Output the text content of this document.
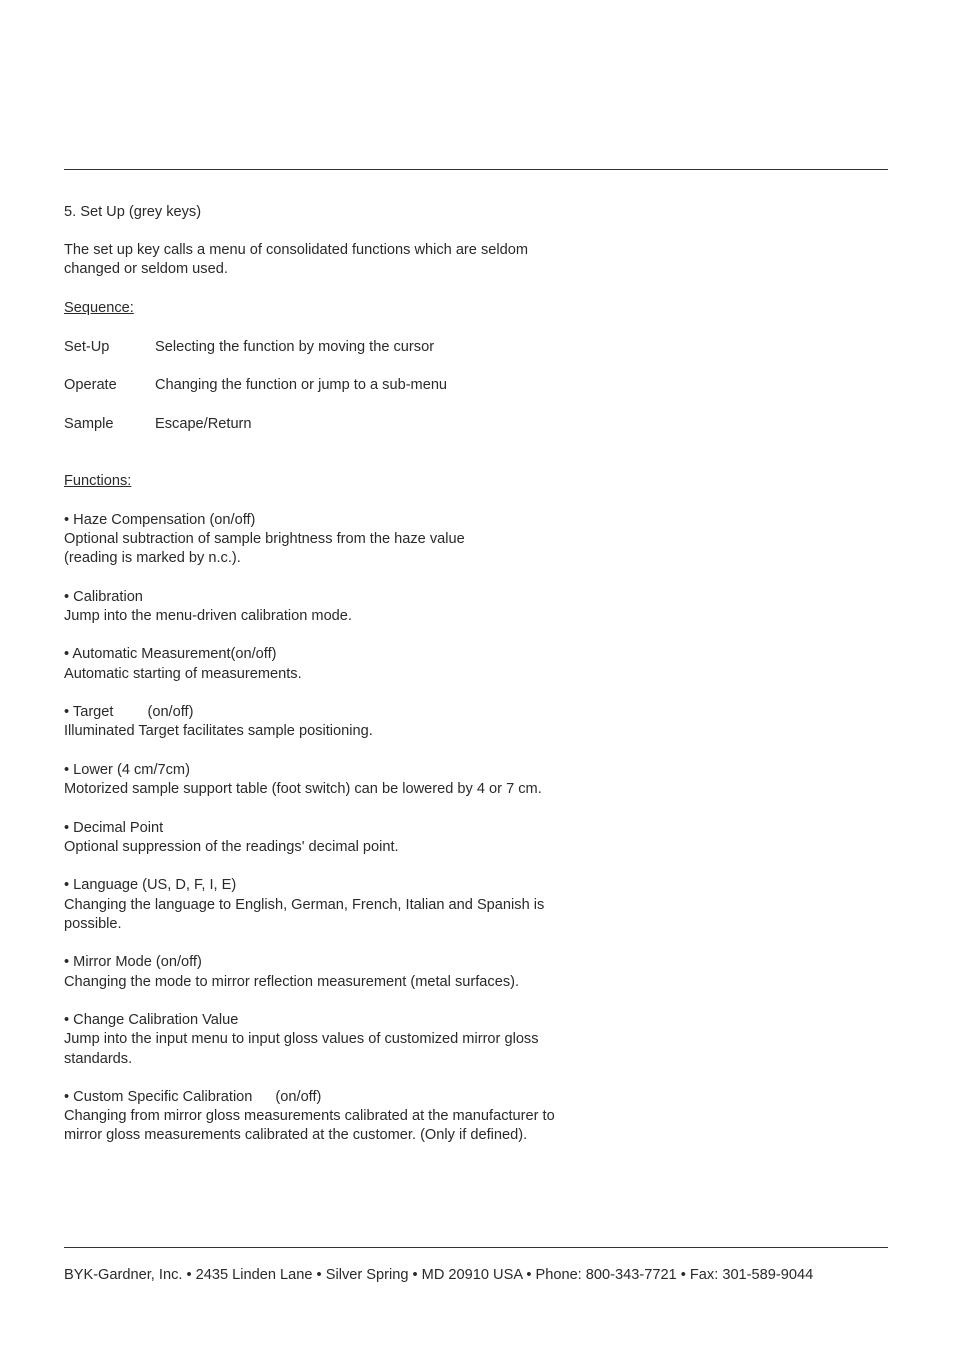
5. Set Up (grey keys)
The set up key calls a menu of consolidated functions which are seldom
changed or seldom used.
Sequence:
Set-Up	Selecting the function by moving the cursor
Operate	Changing the function or jump to a sub-menu
Sample	Escape/Return
Functions:
• Haze Compensation (on/off)
Optional subtraction of sample brightness from the haze value
(reading is marked by n.c.).
• Calibration
Jump into the menu-driven calibration mode.
• Automatic Measurement(on/off)
Automatic starting of measurements.
• Target (on/off)
Illuminated Target facilitates sample positioning.
• Lower (4 cm/7cm)
Motorized sample support table (foot switch) can be lowered by 4 or 7 cm.
• Decimal Point
Optional suppression of the readings' decimal point.
• Language (US, D, F, I, E)
Changing the language to English, German, French, Italian and Spanish is
possible.
• Mirror Mode (on/off)
Changing the mode to mirror reflection measurement (metal surfaces).
• Change Calibration Value
Jump into the input menu to input gloss values of customized mirror gloss
standards.
• Custom Specific Calibration (on/off)
Changing from mirror gloss measurements calibrated at the manufacturer to
mirror gloss measurements calibrated at the customer. (Only if defined).
BYK-Gardner, Inc. • 2435 Linden Lane • Silver Spring • MD 20910 USA • Phone: 800-343-7721 • Fax: 301-589-9044
